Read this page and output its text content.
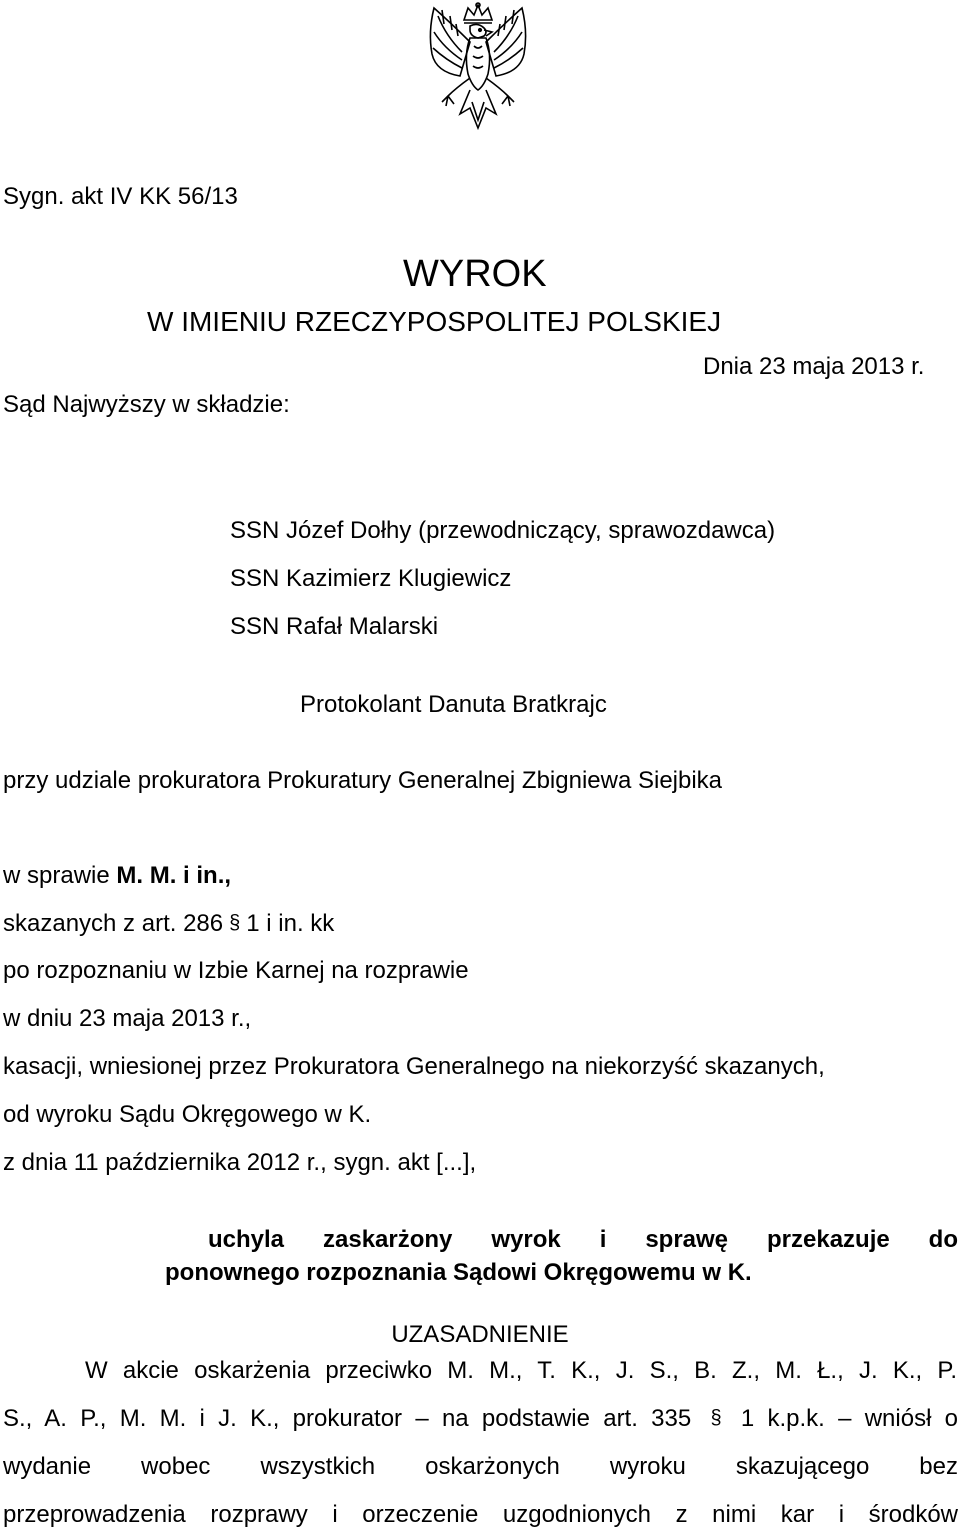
Sygn. akt IV KK 56/13
WYROK
W IMIENIU RZECZYPOSPOLITEJ POLSKIEJ
Dnia 23 maja 2013 r.
Sąd Najwyższy w składzie:
SSN Józef Dołhy (przewodniczący, sprawozdawca)
SSN Kazimierz Klugiewicz
SSN Rafał Malarski
Protokolant Danuta Bratkrajc
przy udziale prokuratora Prokuratury Generalnej Zbigniewa Siejbika
w sprawie M. M. i in.,
skazanych z art. 286 § 1 i in. kk
po rozpoznaniu w Izbie Karnej na rozprawie
w dniu 23 maja 2013 r.,
kasacji, wniesionej przez Prokuratora Generalnego na niekorzyść skazanych,
od wyroku Sądu Okręgowego w K.
z dnia 11 października 2012 r., sygn. akt [...],
uchyla zaskarżony wyrok i sprawę przekazuje do
ponownego rozpoznania Sądowi Okręgowemu w K.
UZASADNIENIE
W akcie oskarżenia przeciwko M. M., T. K., J. S., B. Z., M. Ł., J. K., P.
S., A. P., M. M. i J. K., prokurator – na podstawie art. 335 § 1 k.p.k. – wniósł o
wydanie wobec wszystkich oskarżonych wyroku skazującego bez
przeprowadzenia rozprawy i orzeczenie uzgodnionych z nimi kar i środków
